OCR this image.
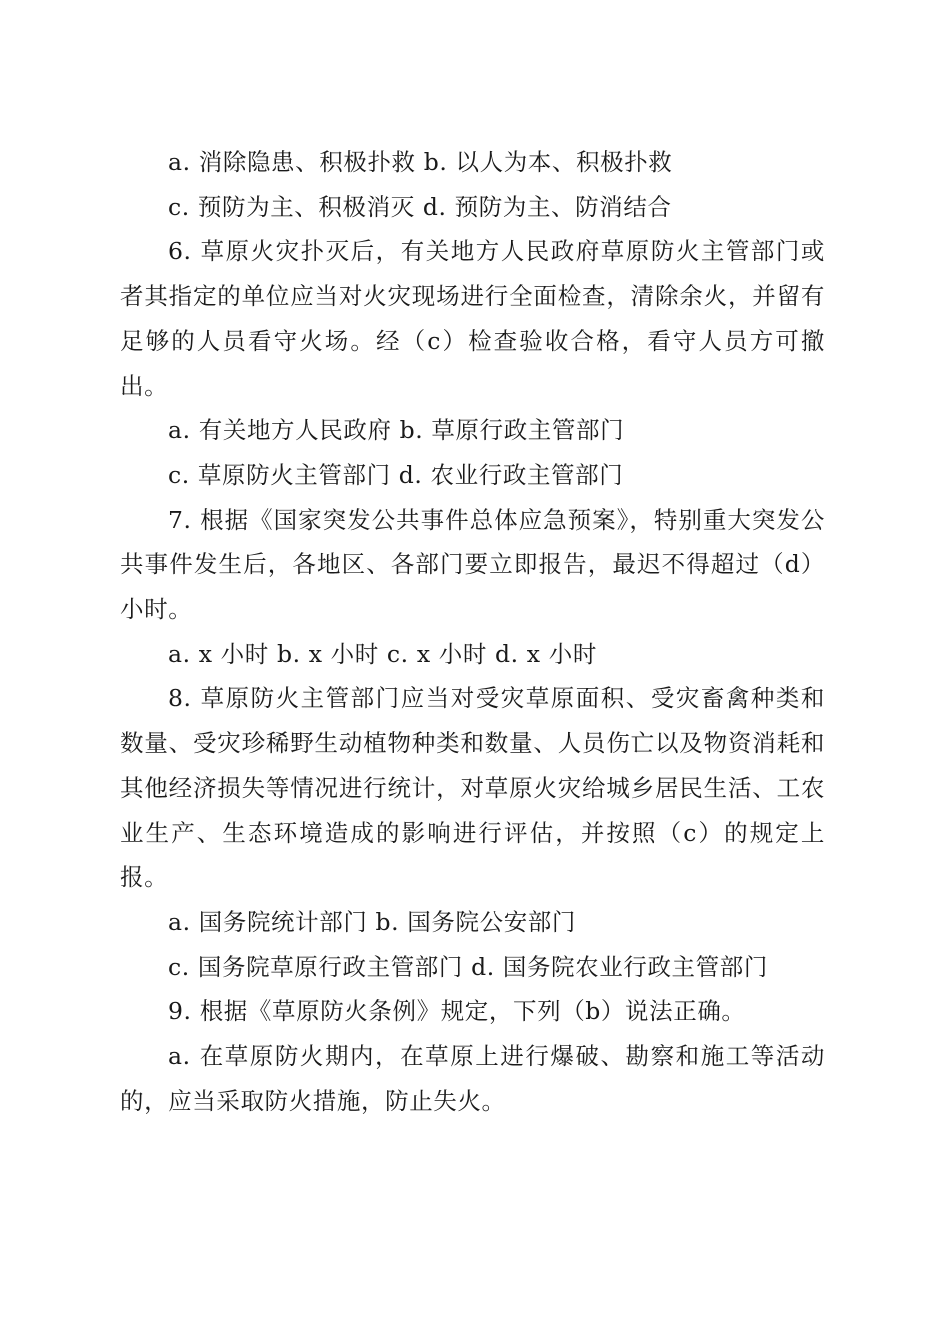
a. 消除隐患、积极扑救 b. 以人为本、积极扑救

c. 预防为主、积极消灭 d. 预防为主、防消结合

6. 草原火灾扑灭后，有关地方人民政府草原防火主管部门或者其指定的单位应当对火灾现场进行全面检查，清除余火，并留有足够的人员看守火场。经（c）检查验收合格，看守人员方可撤出。

a. 有关地方人民政府 b. 草原行政主管部门

c. 草原防火主管部门 d. 农业行政主管部门

7. 根据《国家突发公共事件总体应急预案》，特别重大突发公共事件发生后，各地区、各部门要立即报告，最迟不得超过（d）小时。

a. x 小时 b. x 小时 c. x 小时 d. x 小时

8. 草原防火主管部门应当对受灾草原面积、受灾畜禽种类和数量、受灾珍稀野生动植物种类和数量、人员伤亡以及物资消耗和其他经济损失等情况进行统计，对草原火灾给城乡居民生活、工农业生产、生态环境造成的影响进行评估，并按照（c）的规定上报。

a. 国务院统计部门 b. 国务院公安部门

c. 国务院草原行政主管部门 d. 国务院农业行政主管部门

9. 根据《草原防火条例》规定，下列（b）说法正确。

a. 在草原防火期内，在草原上进行爆破、勘察和施工等活动的，应当采取防火措施，防止失火。
